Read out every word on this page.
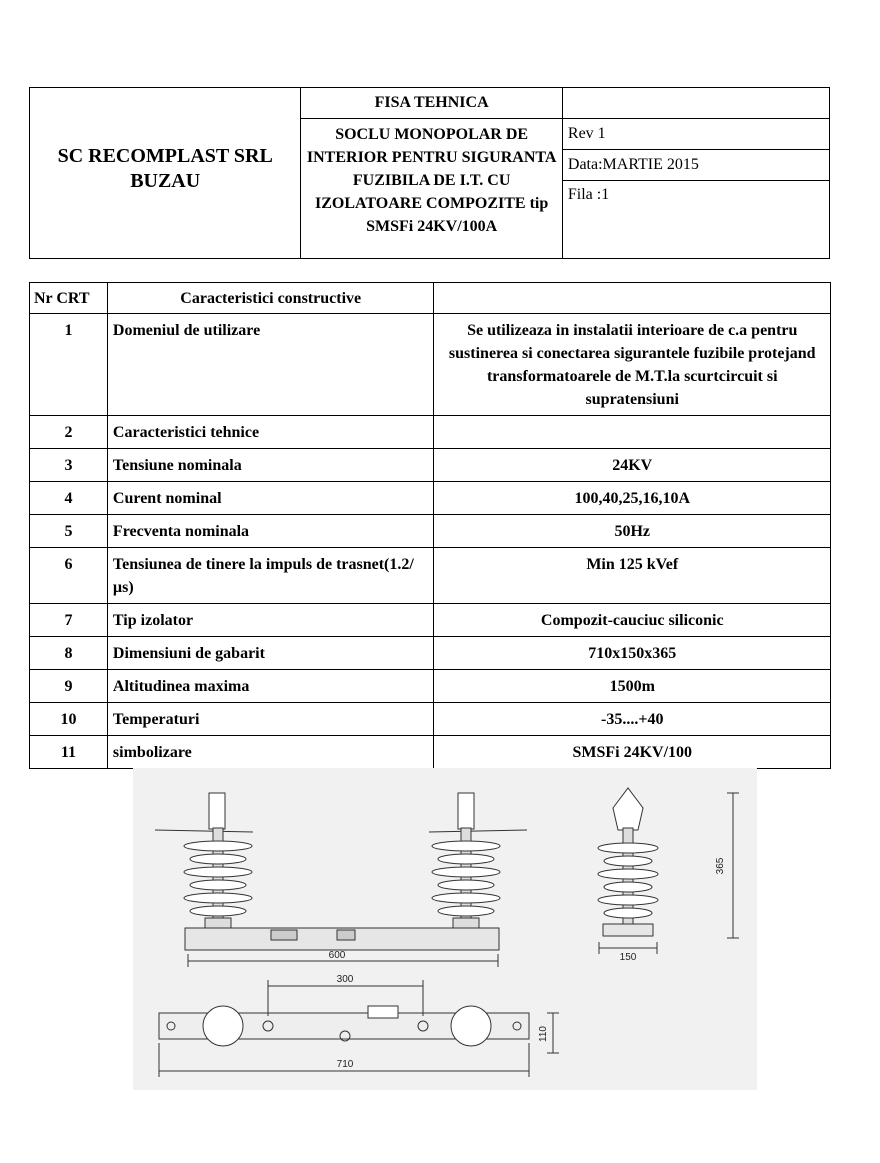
SC RECOMPLAST SRL BUZAU	FISA TEHNICA	
	SOCLU MONOPOLAR DE INTERIOR PENTRU SIGURANTA FUZIBILA DE I.T. CU IZOLATOARE COMPOZITE tip SMSFi 24KV/100A	Rev 1
		Data:MARTIE 2015
		Fila :1
Nr CRT	Caracteristici constructive	
1	Domeniul de utilizare	Se utilizeaza in instalatii interioare de c.a pentru sustinerea si conectarea sigurantele fuzibile protejand transformatoarele de M.T.la scurtcircuit si supratensiuni
2	Caracteristici tehnice	
3	Tensiune nominala	24KV
4	Curent nominal	100,40,25,16,10A
5	Frecventa nominala	50Hz
6	Tensiunea de tinere la impuls de trasnet(1.2/µs)	Min 125 kVef
7	Tip izolator	Compozit-cauciuc siliconic
8	Dimensiuni de gabarit	710x150x365
9	Altitudinea maxima	1500m
10	Temperaturi	-35....+40
11	simbolizare	SMSFi 24KV/100
600
300
710
150
365
110
